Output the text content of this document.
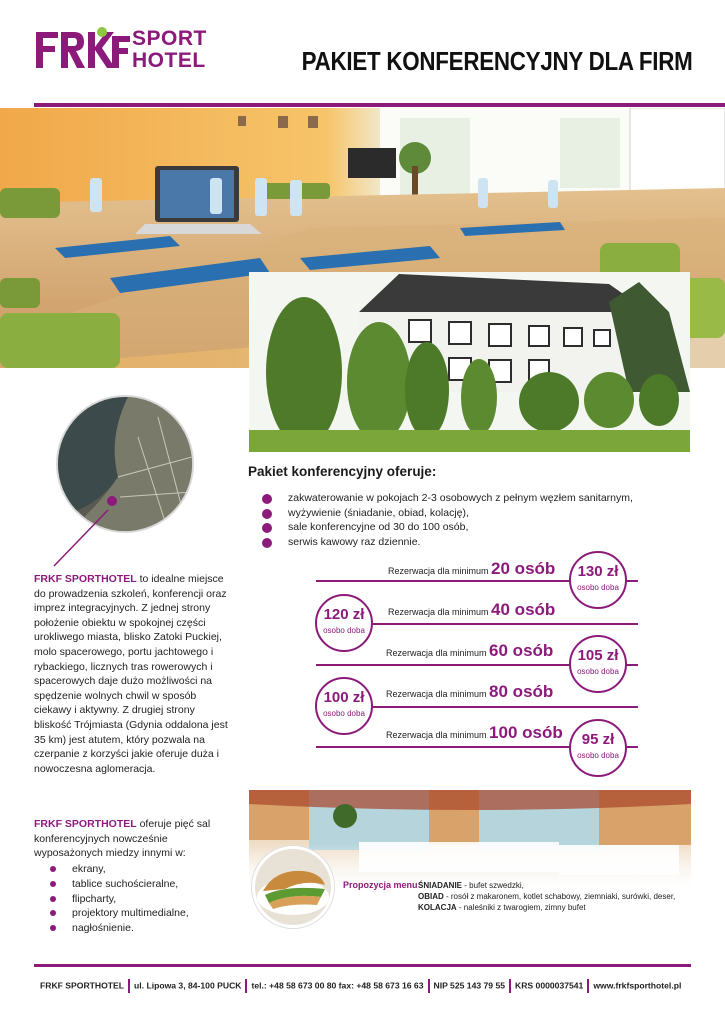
SPORT
HOTEL	PAKIET KONFERENCYJNY DLA FIRM
Pakiet konferencyjny oferuje:
zakwaterowanie w pokojach 2-3 osobowych z pełnym węzłem sanitarnym,
wyżywienie (śniadanie, obiad, kolację),
sale konferencyjne od 30 do 100 osób,
serwis kawowy raz dziennie.
Rezerwacja dla minimum 20 osób
Rezerwacja dla minimum 40 osób
Rezerwacja dla minimum 60 osób
Rezerwacja dla minimum 80 osób
Rezerwacja dla minimum 100 osób
130 zł
osobo doba
120 zł
osobo doba
105 zł
osobo doba
100 zł
osobo doba
95 zł
osobo doba

FRKF SPORTHOTEL to idealne miejsce do prowadzenia szkoleń, konferencji oraz imprez integracyjnych. Z jednej strony położenie obiektu w spokojnej części urokliwego miasta, blisko Zatoki Puckiej, molo spacerowego, portu jachtowego i rybackiego, licznych tras rowerowych i spacerowych daje dużo możliwości na spędzenie wolnych chwil w sposób ciekawy i aktywny. Z drugiej strony bliskość Trójmiasta (Gdynia oddalona jest 35 km) jest atutem, który pozwala na czerpanie z korzyści jakie oferuje duża i nowoczesna aglomeracja.

FRKF SPORTHOTEL oferuje pięć sal konferencyjnych nowcześnie wyposażonych miedzy innymi w:

ekrany,
tablice suchościeralne,
flipcharty,
projektory multimedialne,
nagłośnienie.
Propozycja menu ŚNIADANIE - bufet szwedzki,
OBIAD - rosół z makaronem, kotlet schabowy, ziemniaki, surówki, deser,
KOLACJA - naleśniki z twarogiem, zimny bufet
FRKF SPORTHOTEL ul. Lipowa 3, 84-100 PUCK tel.: +48 58 673 00 80 fax: +48 58 673 16 63 NIP 525 143 79 55 KRS 0000037541 www.frkfsporthotel.pl
